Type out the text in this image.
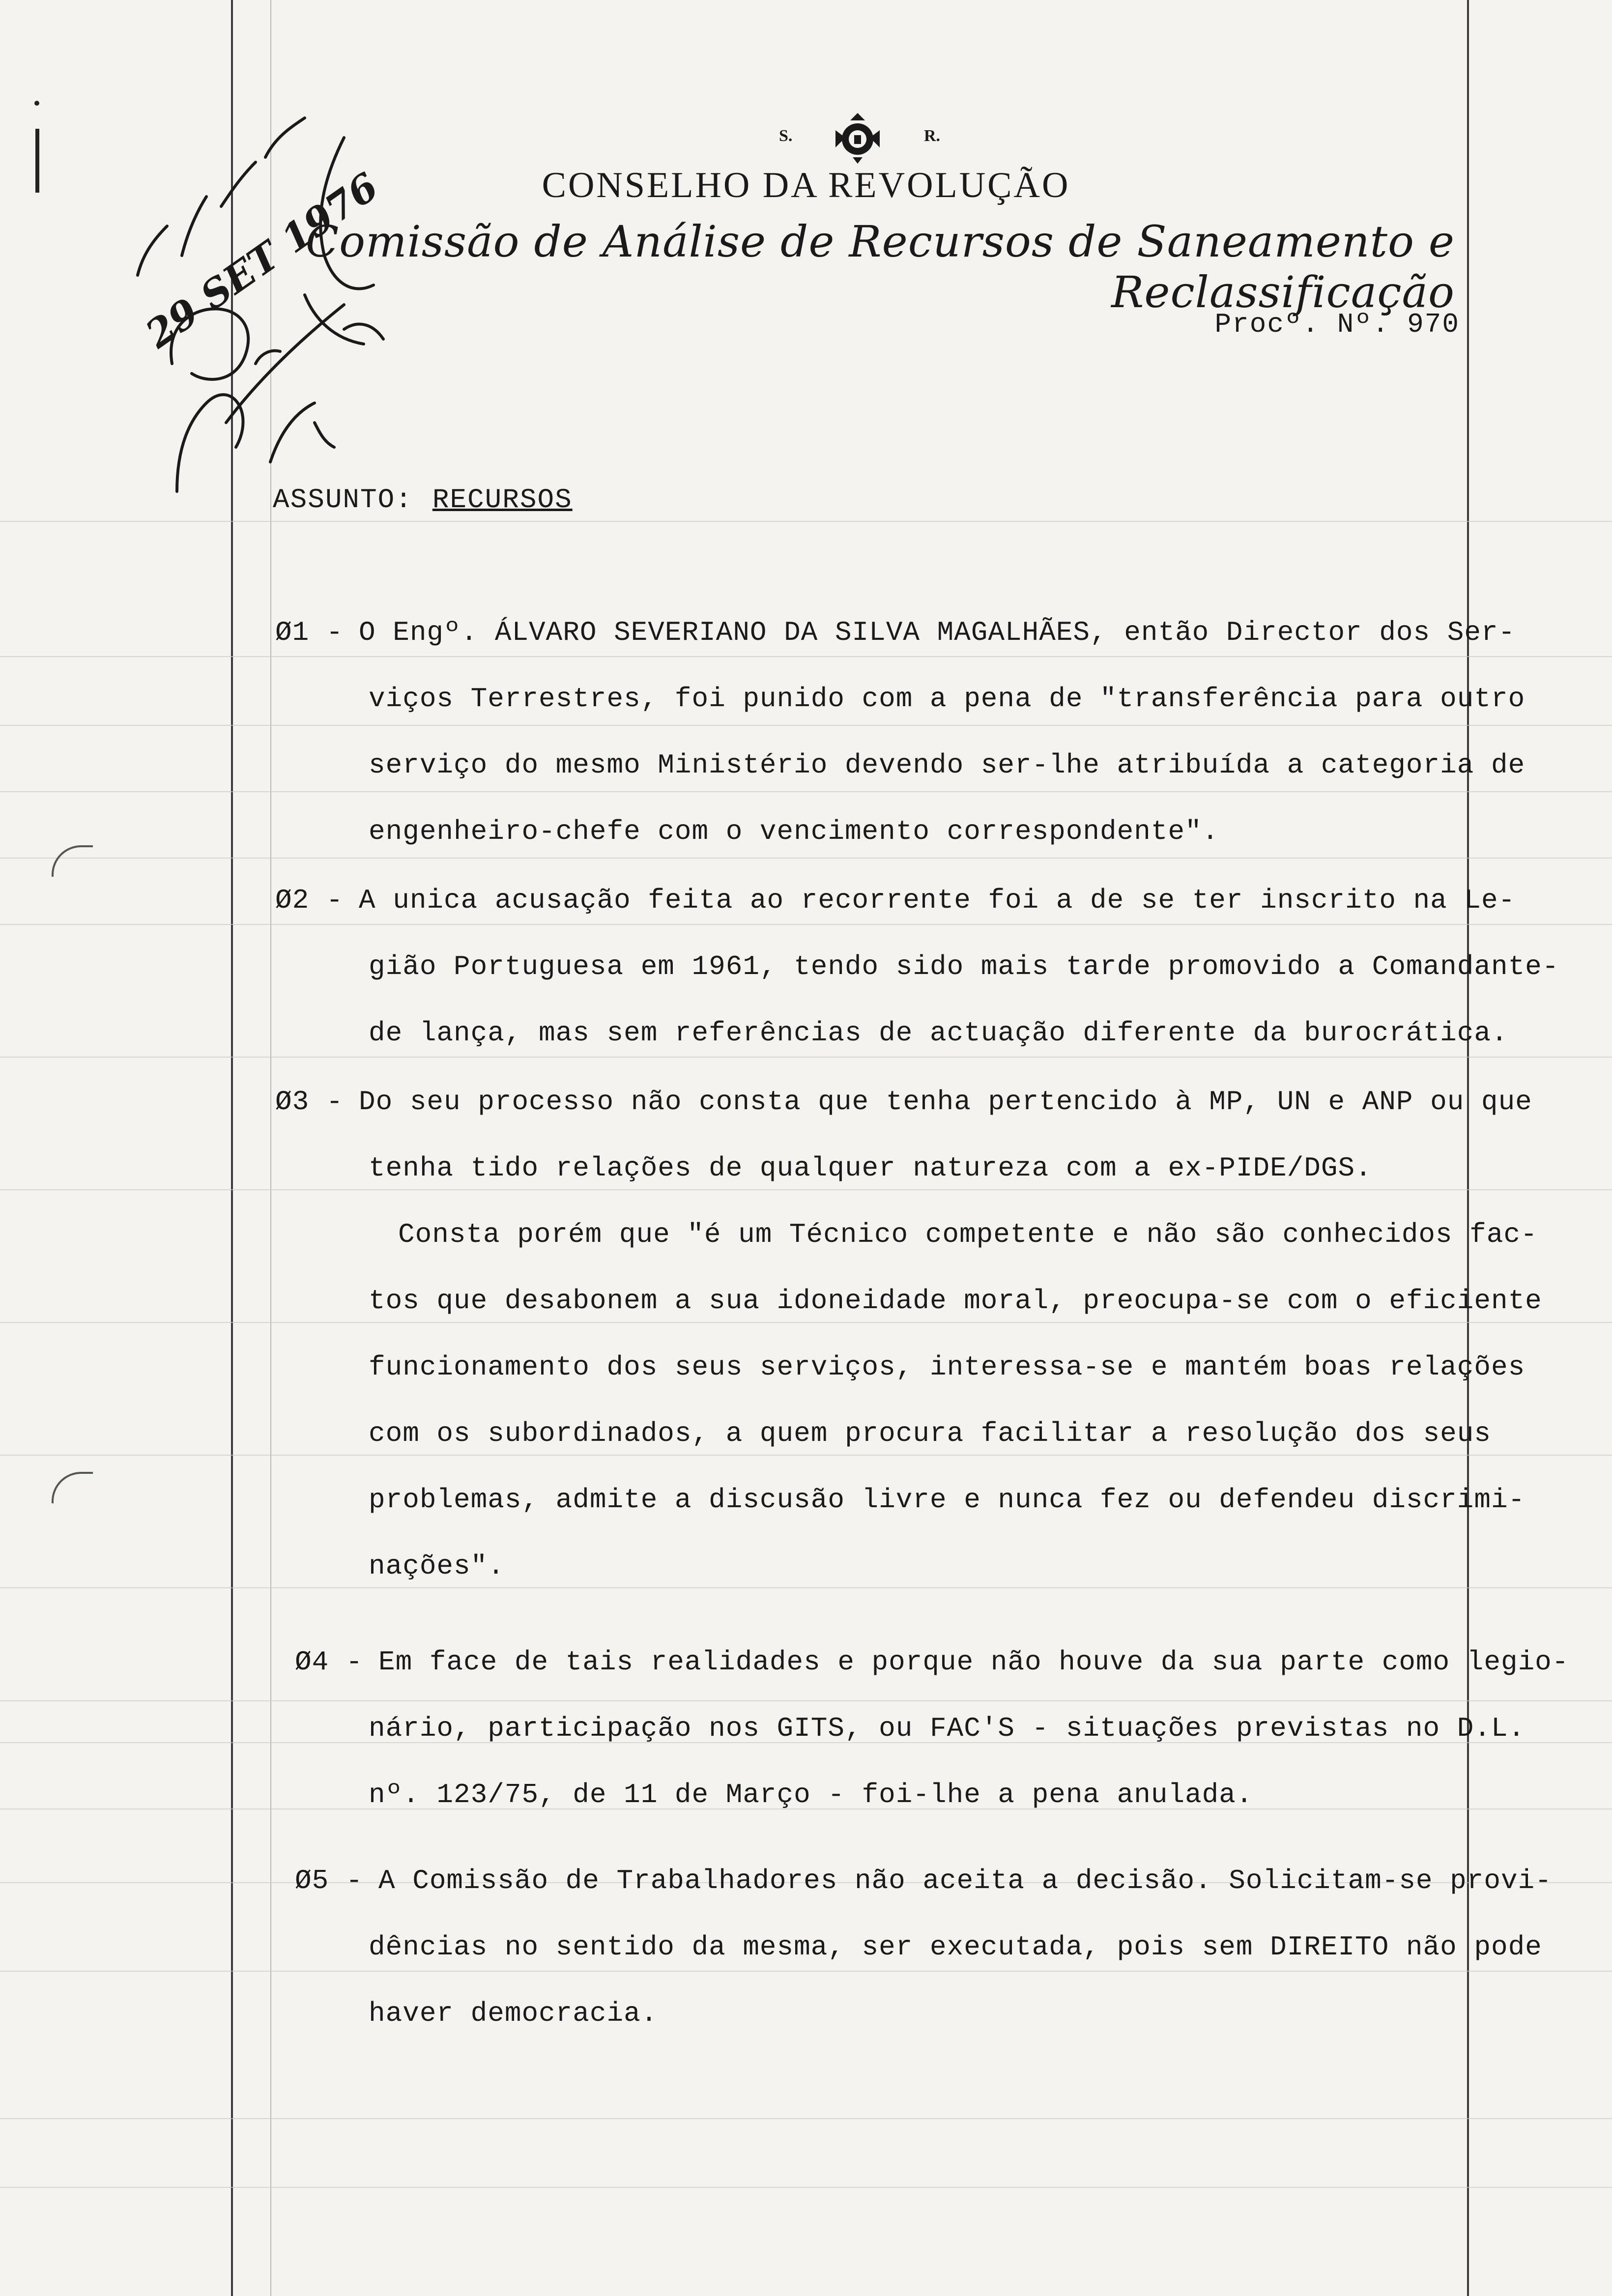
S.	R.
CONSELHO DA REVOLUÇÃO
Comissão de Análise de Recursos de Saneamento e Reclassificação
Procº. Nº. 970
29 SET 1976
ASSUNTO: RECURSOS
Ø1 - O Engº. ÁLVARO SEVERIANO DA SILVA MAGALHÃES, então Director dos Ser-
viços Terrestres, foi punido com a pena de "transferência para outro
serviço do mesmo Ministério devendo ser-lhe atribuída a categoria de
engenheiro-chefe com o vencimento correspondente".
Ø2 - A unica acusação feita ao recorrente foi a de se ter inscrito na Le-
gião Portuguesa em 1961, tendo sido mais tarde promovido a Comandante-
de lança, mas sem referências de actuação diferente da burocrática.
Ø3 - Do seu processo não consta que tenha pertencido à MP, UN e ANP ou que
tenha tido relações de qualquer natureza com a ex-PIDE/DGS.
Consta porém que "é um Técnico competente e não são conhecidos fac-
tos que desabonem a sua idoneidade moral, preocupa-se com o eficiente
funcionamento dos seus serviços, interessa-se e mantém boas relações
com os subordinados, a quem procura facilitar a resolução dos seus
problemas, admite a discusão livre e nunca fez ou defendeu discrimi-
nações".
Ø4 - Em face de tais realidades e porque não houve da sua parte como legio-
nário, participação nos GITS, ou FAC'S - situações previstas no D.L.
nº. 123/75, de 11 de Março - foi-lhe a pena anulada.
Ø5 - A Comissão de Trabalhadores não aceita a decisão. Solicitam-se provi-
dências no sentido da mesma, ser executada, pois sem DIREITO não pode
haver democracia.
